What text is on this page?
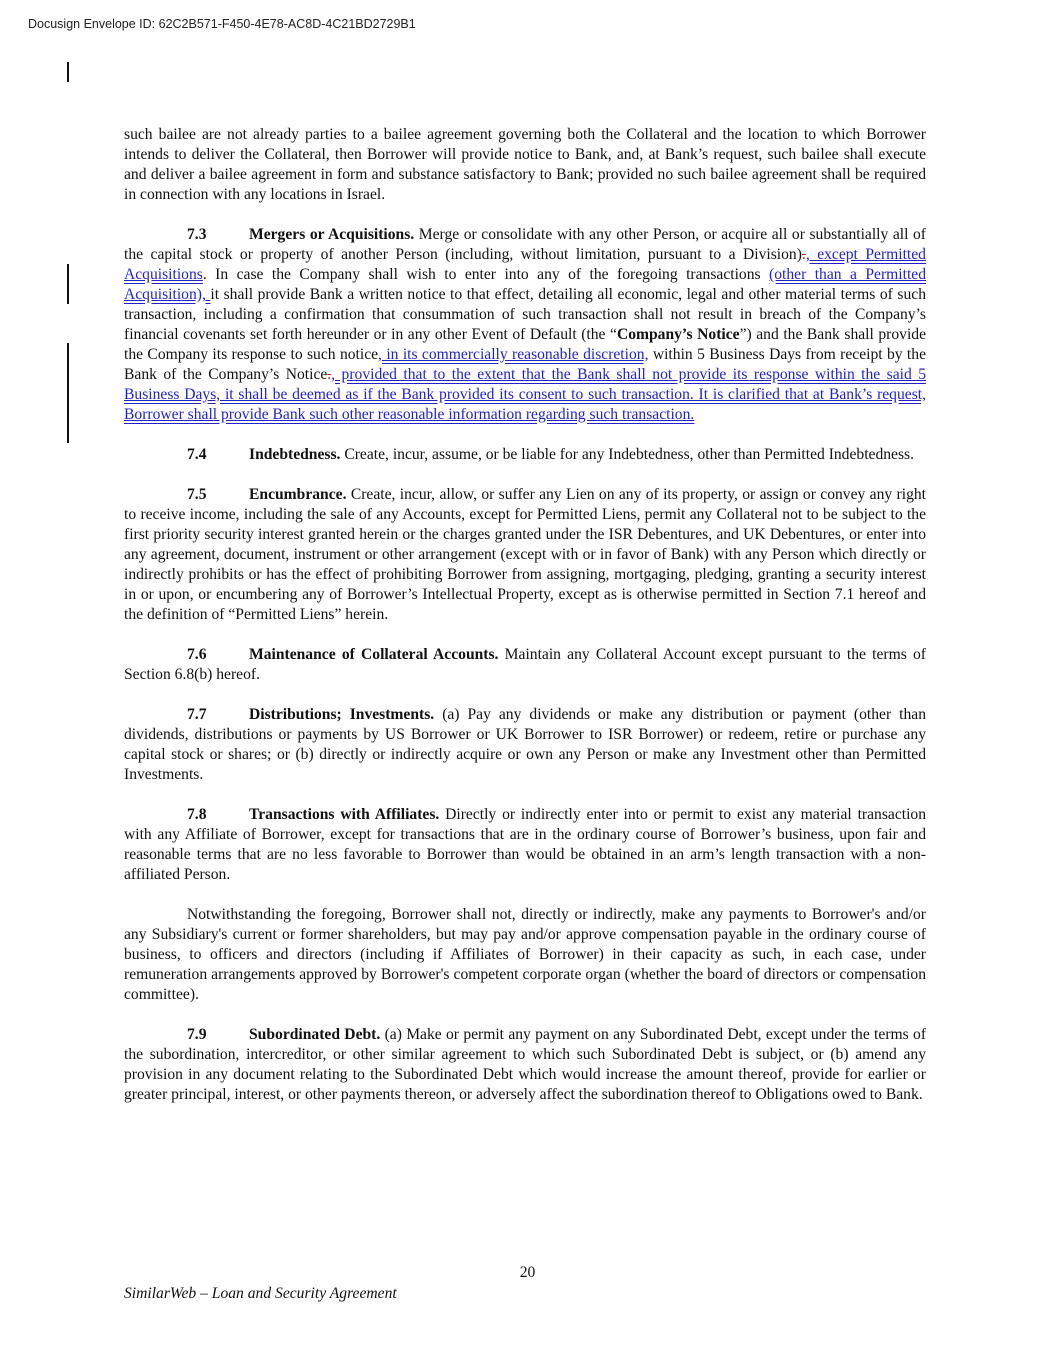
Docusign Envelope ID: 62C2B571-F450-4E78-AC8D-4C21BD2729B1

such bailee are not already parties to a bailee agreement governing both the Collateral and the location to which Borrower intends to deliver the Collateral, then Borrower will provide notice to Bank, and, at Bank’s request, such bailee shall execute and deliver a bailee agreement in form and substance satisfactory to Bank; provided no such bailee agreement shall be required in connection with any locations in Israel.

7.3	Mergers or Acquisitions. Merge or consolidate with any other Person, or acquire all or substantially all of the capital stock or property of another Person (including, without limitation, pursuant to a Division)., except Permitted Acquisitions. In case the Company shall wish to enter into any of the foregoing transactions (other than a Permitted Acquisition), it shall provide Bank a written notice to that effect, detailing all economic, legal and other material terms of such transaction, including a confirmation that consummation of such transaction shall not result in breach of the Company’s financial covenants set forth hereunder or in any other Event of Default (the “Company’s Notice”) and the Bank shall provide the Company its response to such notice, in its commercially reasonable discretion, within 5 Business Days from receipt by the Bank of the Company’s Notice., provided that to the extent that the Bank shall not provide its response within the said 5 Business Days, it shall be deemed as if the Bank provided its consent to such transaction. It is clarified that at Bank’s request, Borrower shall provide Bank such other reasonable information regarding such transaction.

7.4	Indebtedness. Create, incur, assume, or be liable for any Indebtedness, other than Permitted Indebtedness.

7.5	Encumbrance. Create, incur, allow, or suffer any Lien on any of its property, or assign or convey any right to receive income, including the sale of any Accounts, except for Permitted Liens, permit any Collateral not to be subject to the first priority security interest granted herein or the charges granted under the ISR Debentures, and UK Debentures, or enter into any agreement, document, instrument or other arrangement (except with or in favor of Bank) with any Person which directly or indirectly prohibits or has the effect of prohibiting Borrower from assigning, mortgaging, pledging, granting a security interest in or upon, or encumbering any of Borrower’s Intellectual Property, except as is otherwise permitted in Section 7.1 hereof and the definition of “Permitted Liens” herein.

7.6	Maintenance of Collateral Accounts. Maintain any Collateral Account except pursuant to the terms of Section 6.8(b) hereof.

7.7	Distributions; Investments. (a) Pay any dividends or make any distribution or payment (other than dividends, distributions or payments by US Borrower or UK Borrower to ISR Borrower) or redeem, retire or purchase any capital stock or shares; or (b) directly or indirectly acquire or own any Person or make any Investment other than Permitted Investments.

7.8	Transactions with Affiliates. Directly or indirectly enter into or permit to exist any material transaction with any Affiliate of Borrower, except for transactions that are in the ordinary course of Borrower’s business, upon fair and reasonable terms that are no less favorable to Borrower than would be obtained in an arm’s length transaction with a non-affiliated Person.

Notwithstanding the foregoing, Borrower shall not, directly or indirectly, make any payments to Borrower's and/or any Subsidiary's current or former shareholders, but may pay and/or approve compensation payable in the ordinary course of business, to officers and directors (including if Affiliates of Borrower) in their capacity as such, in each case, under remuneration arrangements approved by Borrower's competent corporate organ (whether the board of directors or compensation committee).

7.9	Subordinated Debt. (a) Make or permit any payment on any Subordinated Debt, except under the terms of the subordination, intercreditor, or other similar agreement to which such Subordinated Debt is subject, or (b) amend any provision in any document relating to the Subordinated Debt which would increase the amount thereof, provide for earlier or greater principal, interest, or other payments thereon, or adversely affect the subordination thereof to Obligations owed to Bank.

20
SimilarWeb – Loan and Security Agreement
